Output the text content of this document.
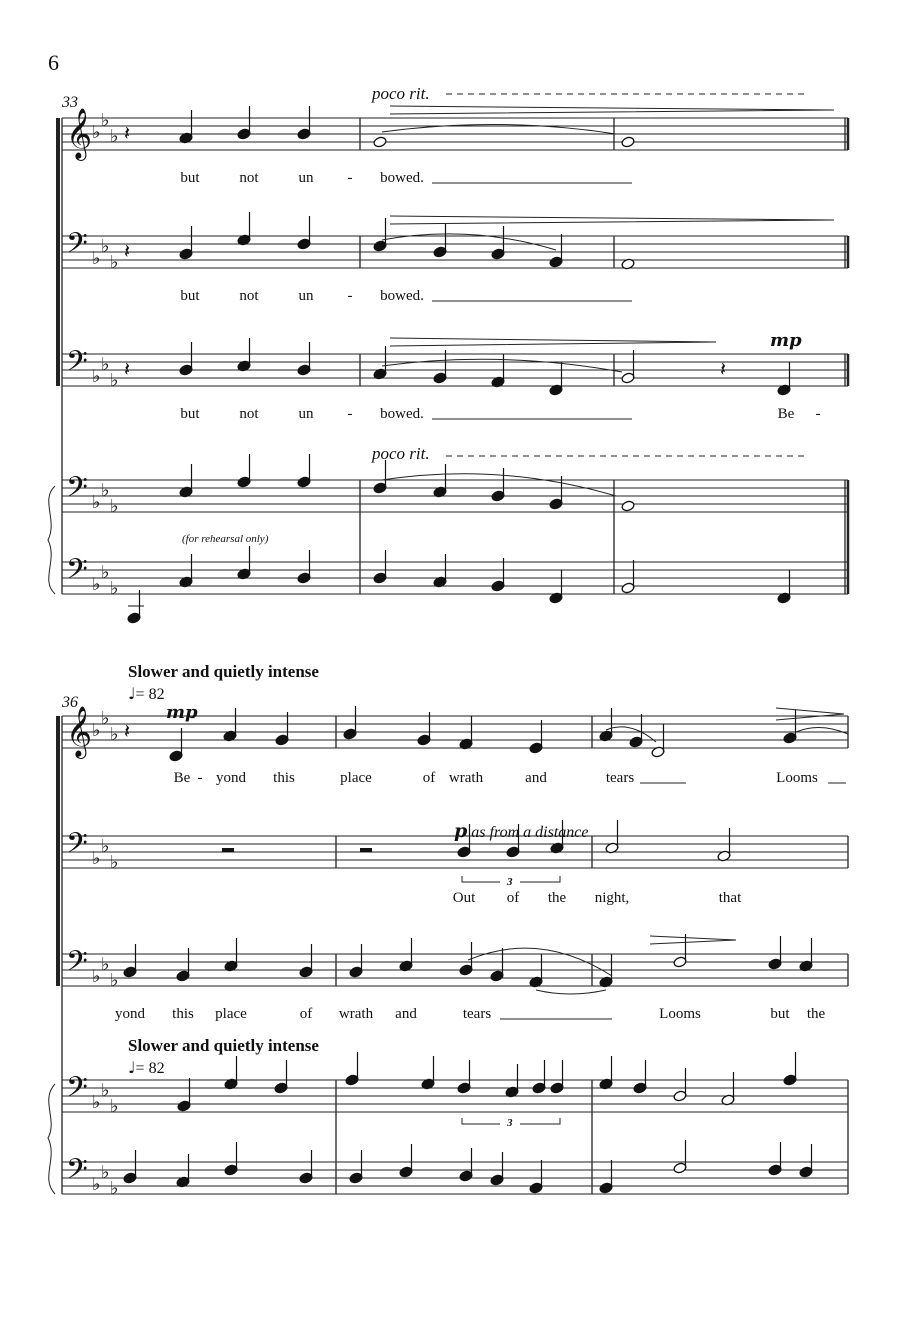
𝄞 ♭
♭
♭
𝄢 ♭
♭
♭
𝄢 ♭
♭
♭
𝄢 ♭
♭
♭
𝄢 ♭
♭
♭
𝄞 ♭
♭
♭
𝄢 ♭
♭
♭
𝄢 ♭
♭
♭
𝄢 ♭
♭
♭
𝄢 ♭
♭
♭
𝄽
𝄽
𝄽
𝄽
𝄽
6
33	poco rit.
but	not	un - bowed.
but	not	un - bowed.
but	not	un - bowed.	Be -
mp
poco rit.
(for rehearsal only)
Slower and quietly intense
♩= 82
36	mp
Be - yond this	place	of wrath	and	tears	Looms
p as from a distance
3
Out of the night,	that
yond this place	of wrath and	tears	Looms	but the
Slower and quietly intense
♩= 82
3
